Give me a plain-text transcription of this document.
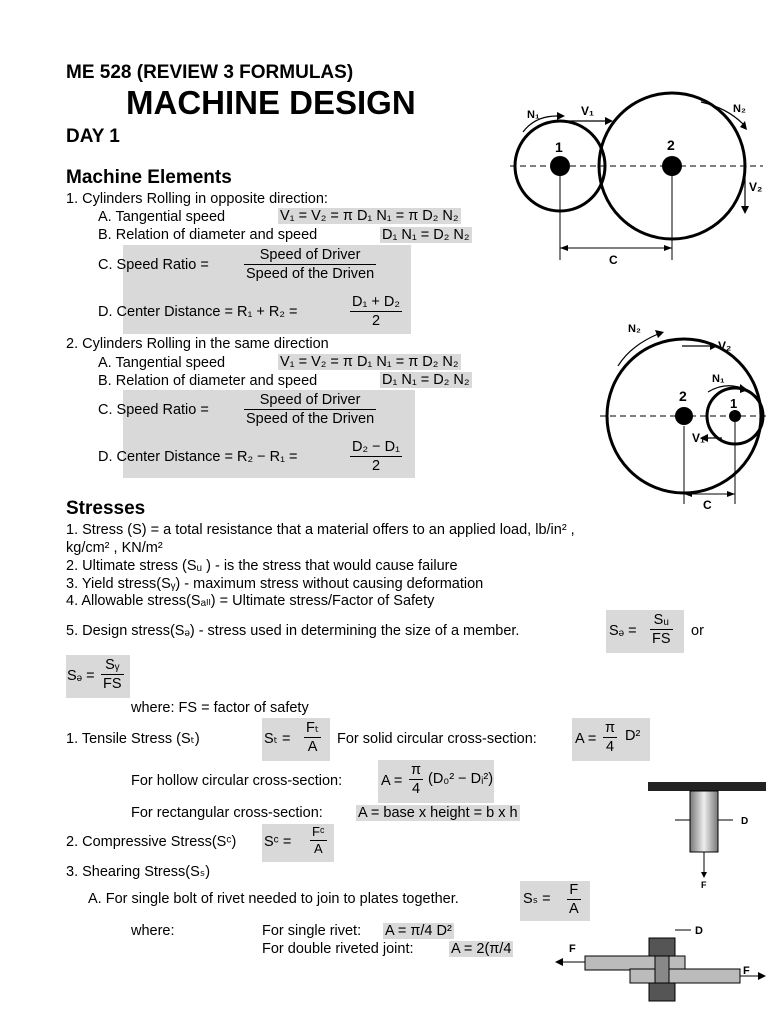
ME 528 (REVIEW 3 FORMULAS)
MACHINE DESIGN
DAY 1
Machine Elements
1. Cylinders Rolling in opposite direction:
A. Tangential speed	V₁ = V₂ = π D₁ N₁ = π D₂ N₂
B. Relation of diameter and speed	D₁ N₁ = D₂ N₂
C. Speed Ratio =
Speed of Driver
Speed of the Driven
D. Center Distance = R₁ + R₂ =	$\frac{\text{D₁ + D₂}}{2}$
2. Cylinders Rolling in the same direction
A. Tangential speed	V₁ = V₂ = π D₁ N₁ = π D₂ N₂
B. Relation of diameter and speed	D₁ N₁ = D₂ N₂
C. Speed Ratio =
Speed of Driver
Speed of the Driven
D. Center Distance = R₂ − R₁ =	$\frac{\text{D₂ − D₁}}{2}$
Stresses
1. Stress (S) = a total resistance that a material offers to an applied load, lb/in² ,
kg/cm² , KN/m²
2. Ultimate stress (Sᵤ ) - is the stress that would cause failure
3. Yield stress(Sᵧ) - maximum stress without causing deformation
4. Allowable stress(Sₐₗₗ) = Ultimate stress/Factor of Safety
5. Design stress(Sₔ) - stress used in determining the size of a member.	Sₔ = $\frac{\text{Sᵤ}}{FS}$ or
Sₔ = $\frac{\text{Sᵧ}}{FS}$
where: FS = factor of safety
1. Tensile Stress (Sₜ)	$S_t = \frac{\text{Fₜ}}{A}$ For solid circular cross-section:	$A = \frac{\pi}{4} D^2$
For hollow circular cross-section:	$A = \frac{\pi}{4} (D_0^2$ − Dᵢ²)
For rectangular cross-section: A = base x height = b x h
2. Compressive Stress(Sᶜ) Sᶜ = $\frac{\text{Fᶜ}}{A}$
3. Shearing Stress(Sₛ)
A. For single bolt of rivet needed to join to plates together.	$S_s = \frac{F}{A}$
where:	For single rivet: A = π/4 D²
For double riveted joint:	A = 2(π/4
1	2
N₁	V₁	N₂
V₂
C
2	1
N₂
V₂
N₁
V₁
C
D
F
D
F
F
